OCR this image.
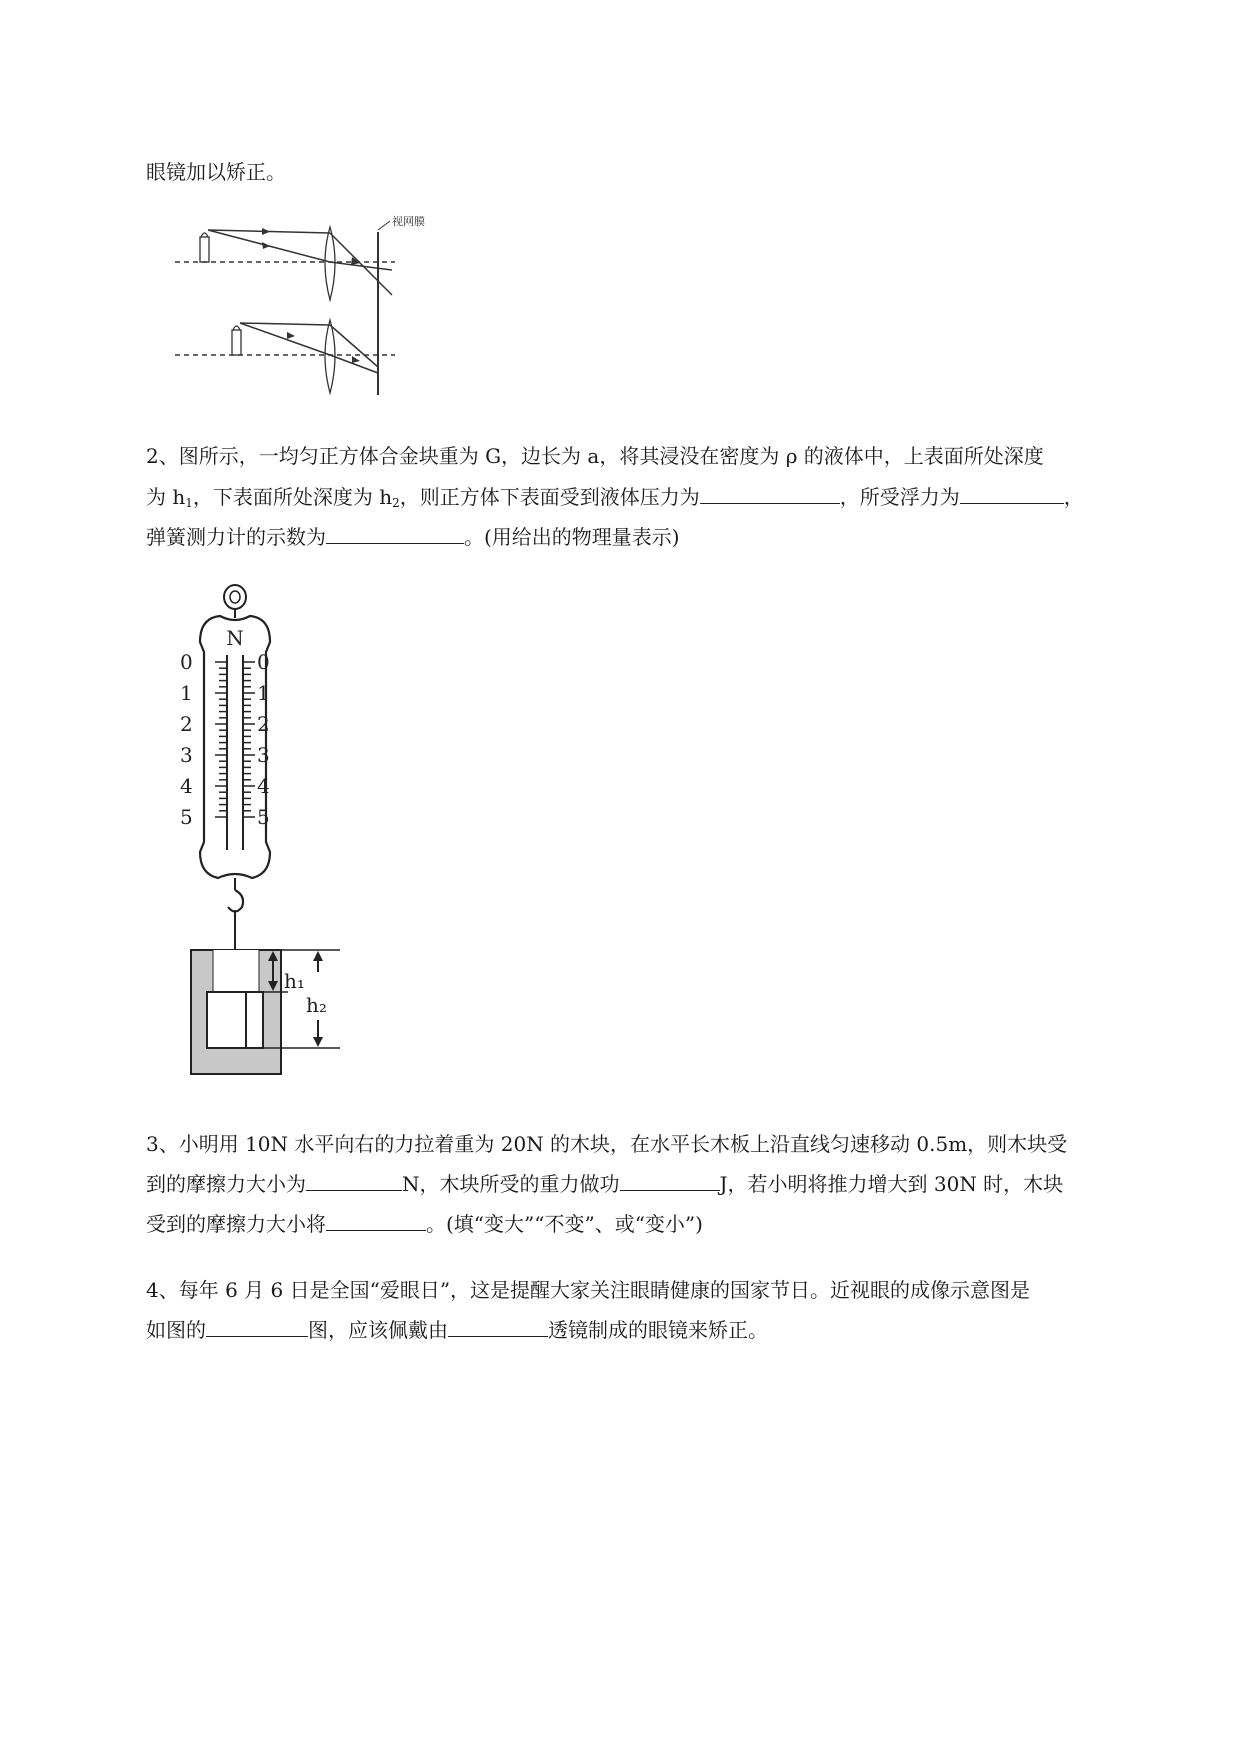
眼镜加以矫正。
视网膜
2、图所示，一均匀正方体合金块重为 G，边长为 a，将其浸没在密度为 ρ 的液体中，上表面所处深度
为 $h_1$，下表面所处深度为 $h_2$，则正方体下表面受到液体压力为	，所受浮力为	，
弹簧测力计的示数为	。(用给出的物理量表示)
N
0
1
2
3
4
5
0
1
2
3
4
5
h₁
h₂
3、小明用 10N 水平向右的力拉着重为 20N 的木块，在水平长木板上沿直线匀速移动 0.5m，则木块受
到的摩擦力大小为	N，木块所受的重力做功	J，若小明将推力增大到 30N 时，木块
受到的摩擦力大小将	。(填“变大”“不变”、或“变小”)
4、每年 6 月 6 日是全国“爱眼日”，这是提醒大家关注眼睛健康的国家节日。近视眼的成像示意图是
如图的	图，应该佩戴由	透镜制成的眼镜来矫正。
